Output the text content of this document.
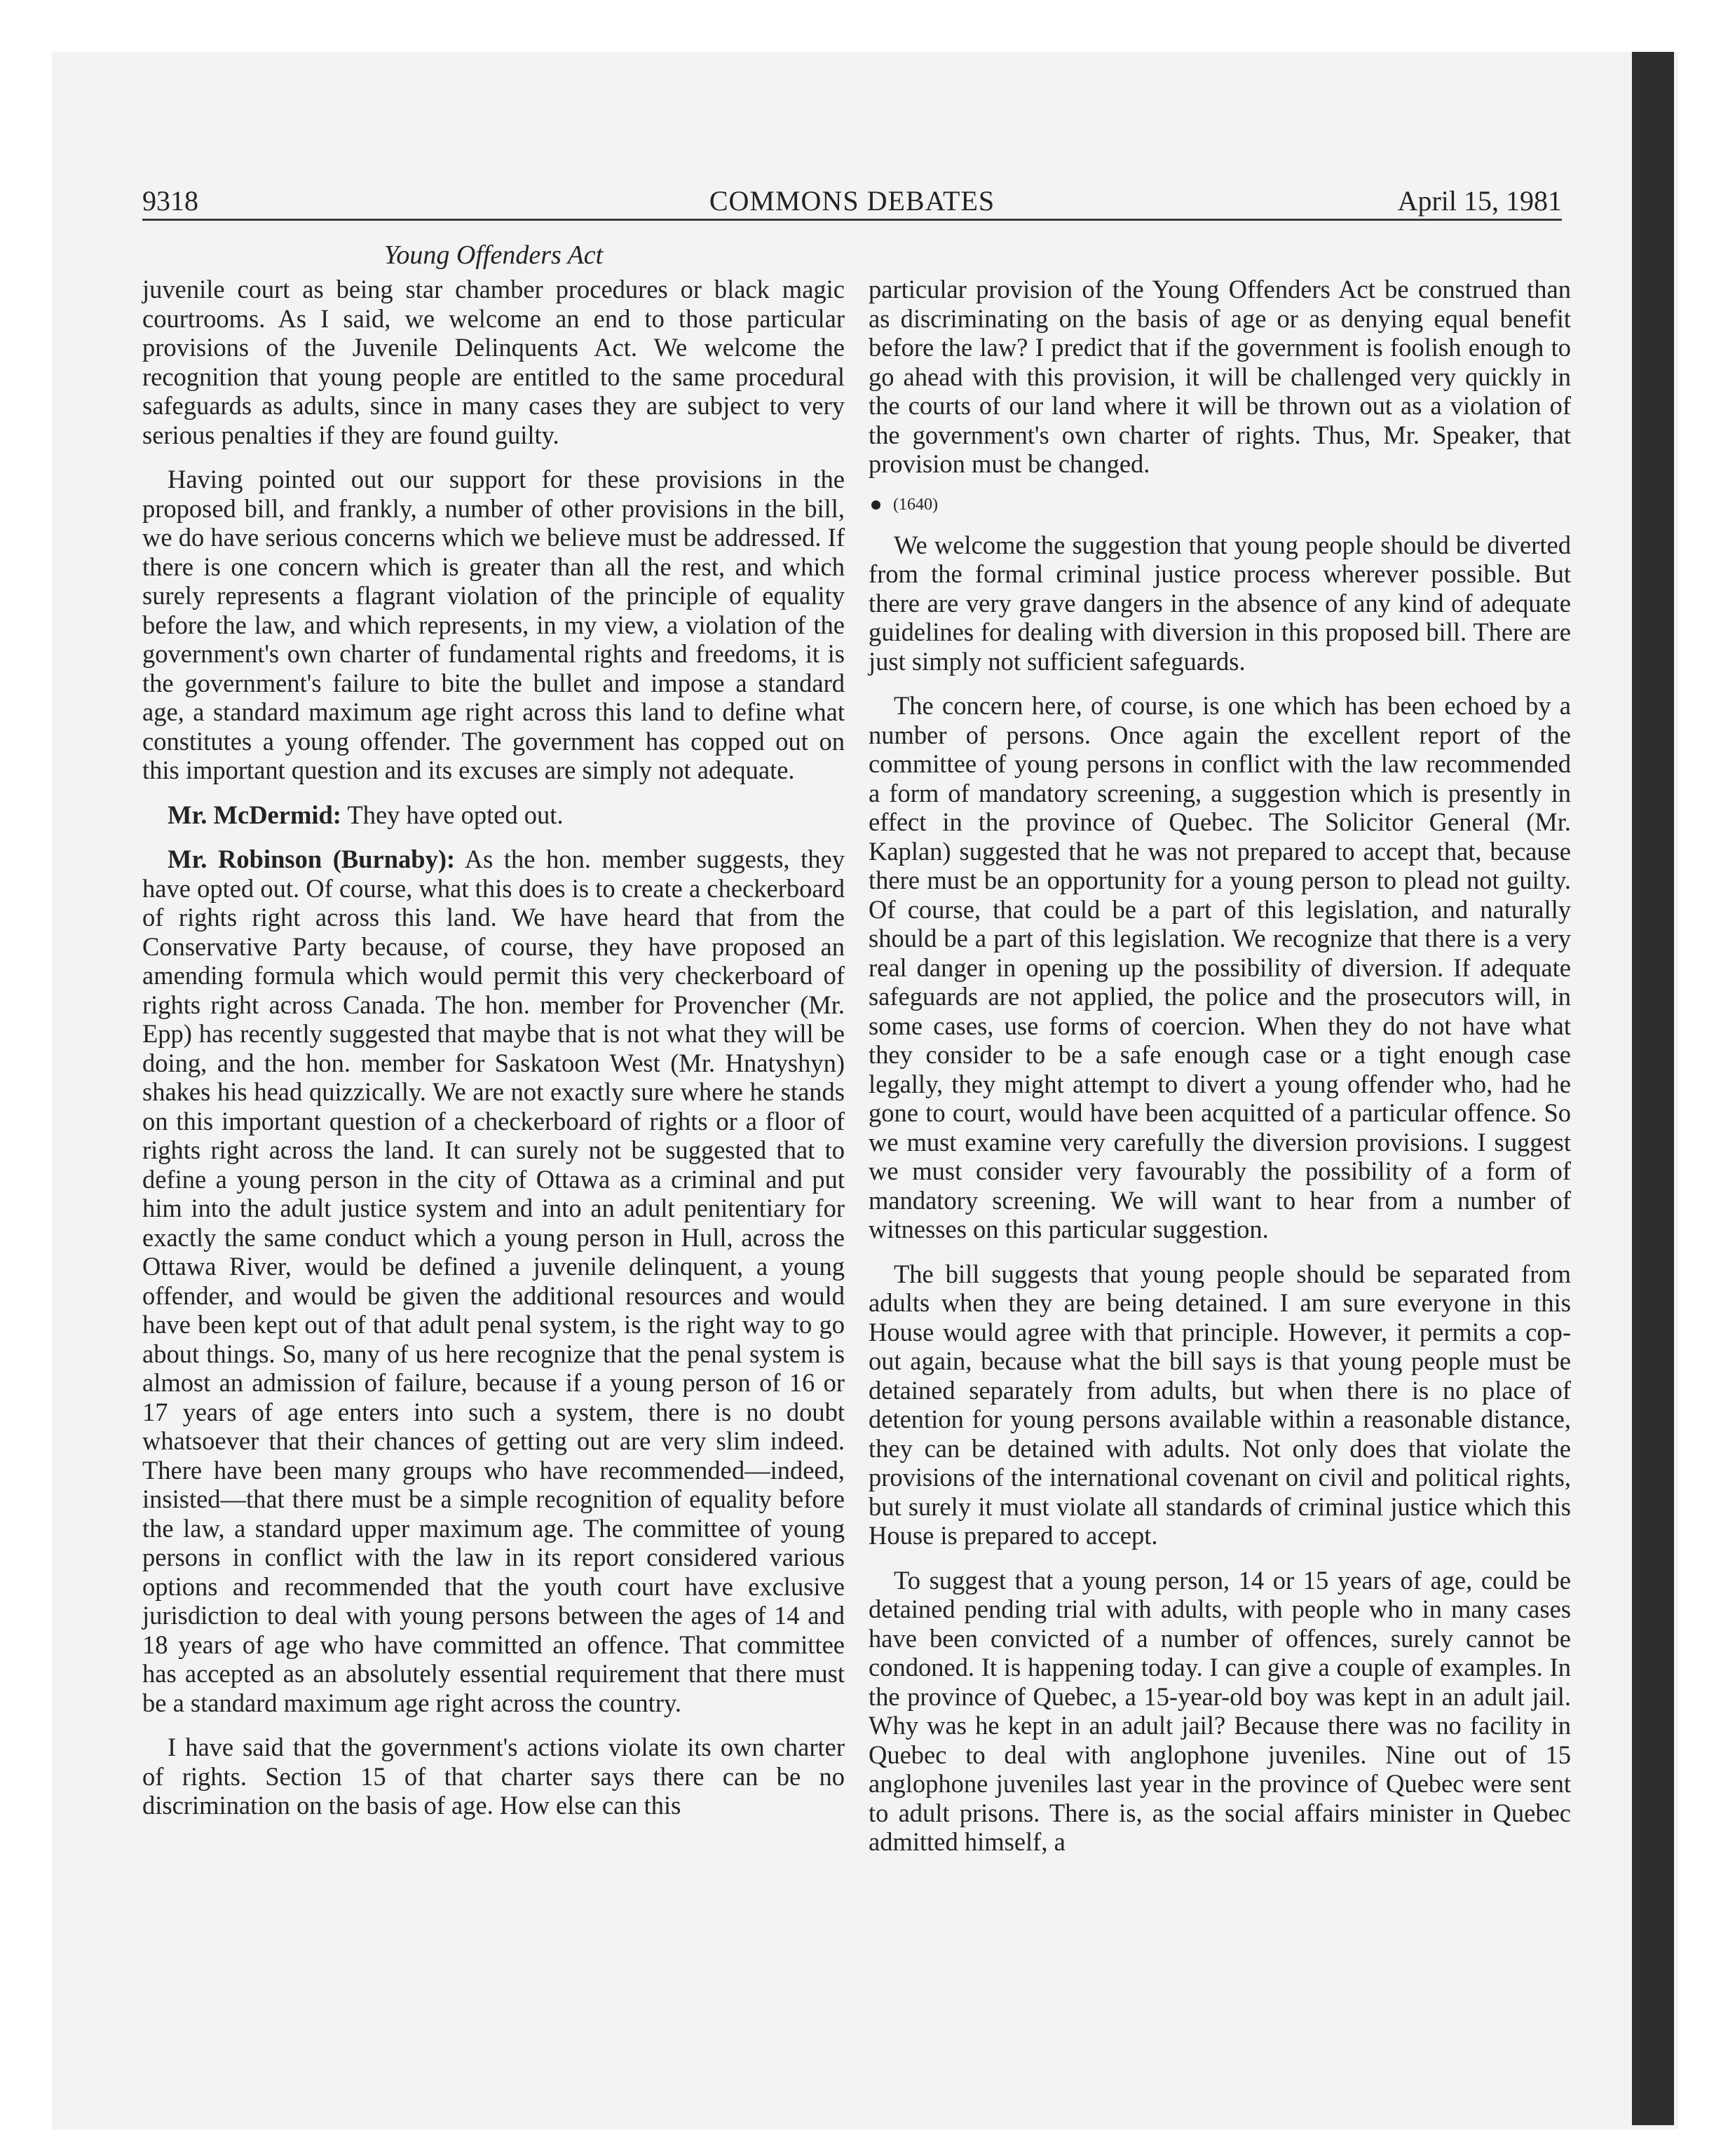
COMMONS DEBATES
9318	April 15, 1981
Young Offenders Act

juvenile court as being star chamber procedures or black magic courtrooms. As I said, we welcome an end to those particular provisions of the Juvenile Delinquents Act. We welcome the recognition that young people are entitled to the same procedural safeguards as adults, since in many cases they are subject to very serious penalties if they are found guilty.

Having pointed out our support for these provisions in the proposed bill, and frankly, a number of other provisions in the bill, we do have serious concerns which we believe must be addressed. If there is one concern which is greater than all the rest, and which surely represents a flagrant violation of the principle of equality before the law, and which represents, in my view, a violation of the government's own charter of fundamental rights and freedoms, it is the government's failure to bite the bullet and impose a standard age, a standard maximum age right across this land to define what constitutes a young offender. The government has copped out on this important question and its excuses are simply not adequate.

Mr. McDermid: They have opted out.

Mr. Robinson (Burnaby): As the hon. member suggests, they have opted out. Of course, what this does is to create a checkerboard of rights right across this land. We have heard that from the Conservative Party because, of course, they have proposed an amending formula which would permit this very checkerboard of rights right across Canada. The hon. member for Provencher (Mr. Epp) has recently suggested that maybe that is not what they will be doing, and the hon. member for Saskatoon West (Mr. Hnatyshyn) shakes his head quizzically. We are not exactly sure where he stands on this important question of a checkerboard of rights or a floor of rights right across the land. It can surely not be suggested that to define a young person in the city of Ottawa as a criminal and put him into the adult justice system and into an adult penitentiary for exactly the same conduct which a young person in Hull, across the Ottawa River, would be defined a juvenile delinquent, a young offender, and would be given the additional resources and would have been kept out of that adult penal system, is the right way to go about things. So, many of us here recognize that the penal system is almost an admission of failure, because if a young person of 16 or 17 years of age enters into such a system, there is no doubt whatsoever that their chances of getting out are very slim indeed. There have been many groups who have recommended—indeed, insisted—that there must be a simple recognition of equality before the law, a standard upper maximum age. The committee of young persons in conflict with the law in its report considered various options and recommended that the youth court have exclusive jurisdiction to deal with young persons between the ages of 14 and 18 years of age who have committed an offence. That committee has accepted as an absolutely essential requirement that there must be a standard maximum age right across the country.

I have said that the government's actions violate its own charter of rights. Section 15 of that charter says there can be no discrimination on the basis of age. How else can this

particular provision of the Young Offenders Act be construed than as discriminating on the basis of age or as denying equal benefit before the law? I predict that if the government is foolish enough to go ahead with this provision, it will be challenged very quickly in the courts of our land where it will be thrown out as a violation of the government's own charter of rights. Thus, Mr. Speaker, that provision must be changed.

(1640)

We welcome the suggestion that young people should be diverted from the formal criminal justice process wherever possible. But there are very grave dangers in the absence of any kind of adequate guidelines for dealing with diversion in this proposed bill. There are just simply not sufficient safeguards.

The concern here, of course, is one which has been echoed by a number of persons. Once again the excellent report of the committee of young persons in conflict with the law recommended a form of mandatory screening, a suggestion which is presently in effect in the province of Quebec. The Solicitor General (Mr. Kaplan) suggested that he was not prepared to accept that, because there must be an opportunity for a young person to plead not guilty. Of course, that could be a part of this legislation, and naturally should be a part of this legislation. We recognize that there is a very real danger in opening up the possibility of diversion. If adequate safeguards are not applied, the police and the prosecutors will, in some cases, use forms of coercion. When they do not have what they consider to be a safe enough case or a tight enough case legally, they might attempt to divert a young offender who, had he gone to court, would have been acquitted of a particular offence. So we must examine very carefully the diversion provisions. I suggest we must consider very favourably the possibility of a form of mandatory screening. We will want to hear from a number of witnesses on this particular suggestion.

The bill suggests that young people should be separated from adults when they are being detained. I am sure everyone in this House would agree with that principle. However, it permits a cop-out again, because what the bill says is that young people must be detained separately from adults, but when there is no place of detention for young persons available within a reasonable distance, they can be detained with adults. Not only does that violate the provisions of the international covenant on civil and political rights, but surely it must violate all standards of criminal justice which this House is prepared to accept.

To suggest that a young person, 14 or 15 years of age, could be detained pending trial with adults, with people who in many cases have been convicted of a number of offences, surely cannot be condoned. It is happening today. I can give a couple of examples. In the province of Quebec, a 15-year-old boy was kept in an adult jail. Why was he kept in an adult jail? Because there was no facility in Quebec to deal with anglophone juveniles. Nine out of 15 anglophone juveniles last year in the province of Quebec were sent to adult prisons. There is, as the social affairs minister in Quebec admitted himself, a
